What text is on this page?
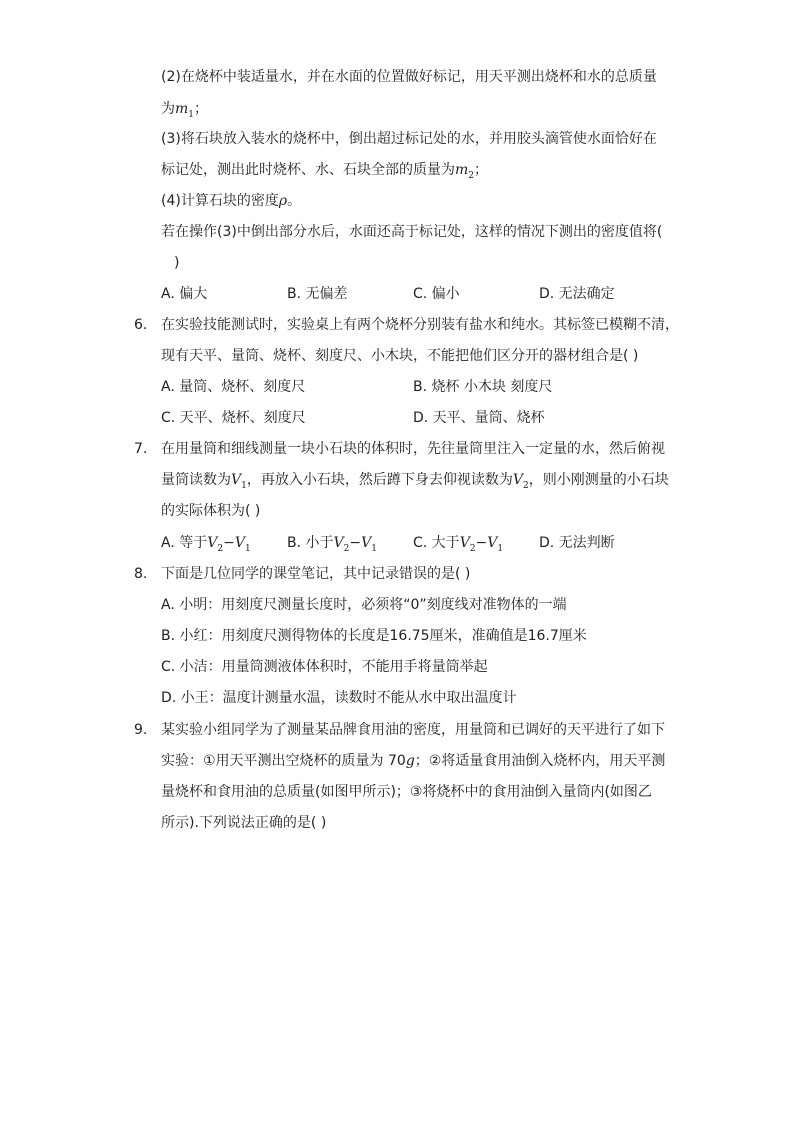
(2)在烧杯中装适量水，并在水面的位置做好标记，用天平测出烧杯和水的总质量
为$m_1$；
(3)将石块放入装水的烧杯中，倒出超过标记处的水，并用胶头滴管使水面恰好在
标记处，测出此时烧杯、水、石块全部的质量为$m_2$；
(4)计算石块的密度ρ。
若在操作(3)中倒出部分水后，水面还高于标记处，这样的情况下测出的密度值将(
)
A. 偏大	B. 无偏差	C. 偏小	D. 无法确定
6. 在实验技能测试时，实验桌上有两个烧杯分别装有盐水和纯水。其标签已模糊不清，
现有天平、量筒、烧杯、刻度尺、小木块，不能把他们区分开的器材组合是( )
A. 量筒、烧杯、刻度尺	B. 烧杯 小木块 刻度尺
C. 天平、烧杯、刻度尺	D. 天平、量筒、烧杯
7. 在用量筒和细线测量一块小石块的体积时，先往量筒里注入一定量的水，然后俯视
量筒读数为$V_1$，再放入小石块，然后蹲下身去仰视读数为$V_2$，则小刚测量的小石块
的实际体积为( )
A. 等于$V_2-V_1$	B. 小于$V_2-V_1$	C. 大于$V_2-V_1$	D. 无法判断
8. 下面是几位同学的课堂笔记，其中记录错误的是( )
A. 小明：用刻度尺测量长度时，必须将“0”刻度线对准物体的一端
B. 小红：用刻度尺测得物体的长度是16.75厘米，准确值是16.7厘米
C. 小洁：用量筒测液体体积时，不能用手将量筒举起
D. 小王：温度计测量水温，读数时不能从水中取出温度计
9. 某实验小组同学为了测量某品牌食用油的密度，用量筒和已调好的天平进行了如下
实验：①用天平测出空烧杯的质量为 70g；②将适量食用油倒入烧杯内，用天平测
量烧杯和食用油的总质量(如图甲所示)；③将烧杯中的食用油倒入量筒内(如图乙
所示).下列说法正确的是( )
